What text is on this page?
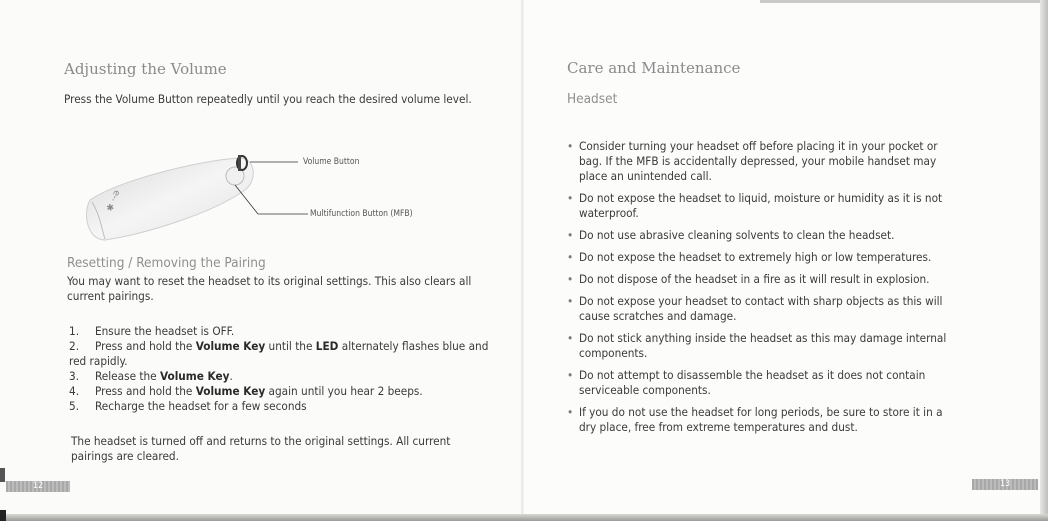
Adjusting the Volume

Press the Volume Button repeatedly until you reach the desired volume level.

✱ ·-ǝ
Volume Button
Multifunction Button (MFB)
Resetting / Removing the Pairing

You may want to reset the headset to its original settings. This also clears all current pairings.

1. Ensure the headset is OFF.
2. Press and hold the Volume Key until the LED alternately flashes blue and red rapidly.
3. Release the Volume Key.
4. Press and hold the Volume Key again until you hear 2 beeps.
5. Recharge the headset for a few seconds

The headset is turned off and returns to the original settings. All current pairings are cleared.

12
Care and Maintenance
Headset
• Consider turning your headset off before placing it in your pocket or bag. If the MFB is accidentally depressed, your mobile handset may place an unintended call.
• Do not expose the headset to liquid, moisture or humidity as it is not waterproof.
• Do not use abrasive cleaning solvents to clean the headset.
• Do not expose the headset to extremely high or low temperatures.
• Do not dispose of the headset in a fire as it will result in explosion.
• Do not expose your headset to contact with sharp objects as this will cause scratches and damage.
• Do not stick anything inside the headset as this may damage internal components.
• Do not attempt to disassemble the headset as it does not contain serviceable components.
• If you do not use the headset for long periods, be sure to store it in a dry place, free from extreme temperatures and dust.
13
